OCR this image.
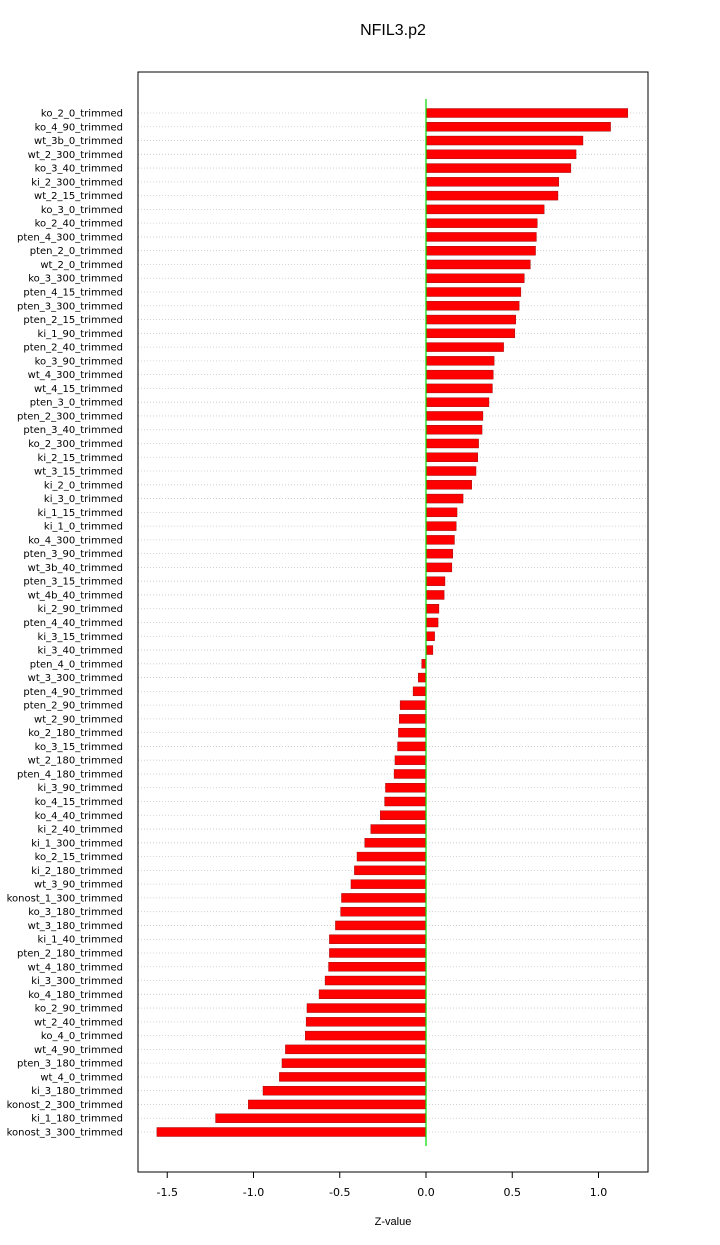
NFIL3.p2
ko_2_0_trimmed
ko_4_90_trimmed
wt_3b_0_trimmed
wt_2_300_trimmed
ko_3_40_trimmed
ki_2_300_trimmed
wt_2_15_trimmed
ko_3_0_trimmed
ko_2_40_trimmed
pten_4_300_trimmed
pten_2_0_trimmed
wt_2_0_trimmed
ko_3_300_trimmed
pten_4_15_trimmed
pten_3_300_trimmed
pten_2_15_trimmed
ki_1_90_trimmed
pten_2_40_trimmed
ko_3_90_trimmed
wt_4_300_trimmed
wt_4_15_trimmed
pten_3_0_trimmed
pten_2_300_trimmed
pten_3_40_trimmed
ko_2_300_trimmed
ki_2_15_trimmed
wt_3_15_trimmed
ki_2_0_trimmed
ki_3_0_trimmed
ki_1_15_trimmed
ki_1_0_trimmed
ko_4_300_trimmed
pten_3_90_trimmed
wt_3b_40_trimmed
pten_3_15_trimmed
wt_4b_40_trimmed
ki_2_90_trimmed
pten_4_40_trimmed
ki_3_15_trimmed
ki_3_40_trimmed
pten_4_0_trimmed
wt_3_300_trimmed
pten_4_90_trimmed
pten_2_90_trimmed
wt_2_90_trimmed
ko_2_180_trimmed
ko_3_15_trimmed
wt_2_180_trimmed
pten_4_180_trimmed
ki_3_90_trimmed
ko_4_15_trimmed
ko_4_40_trimmed
ki_2_40_trimmed
ki_1_300_trimmed
ko_2_15_trimmed
ki_2_180_trimmed
wt_3_90_trimmed
konost_1_300_trimmed
ko_3_180_trimmed
wt_3_180_trimmed
ki_1_40_trimmed
pten_2_180_trimmed
wt_4_180_trimmed
ki_3_300_trimmed
ko_4_180_trimmed
ko_2_90_trimmed
wt_2_40_trimmed
ko_4_0_trimmed
wt_4_90_trimmed
pten_3_180_trimmed
wt_4_0_trimmed
ki_3_180_trimmed
konost_2_300_trimmed
ki_1_180_trimmed
konost_3_300_trimmed
-1.5	-1.0	-0.5	0.0	0.5	1.0
Z-value
